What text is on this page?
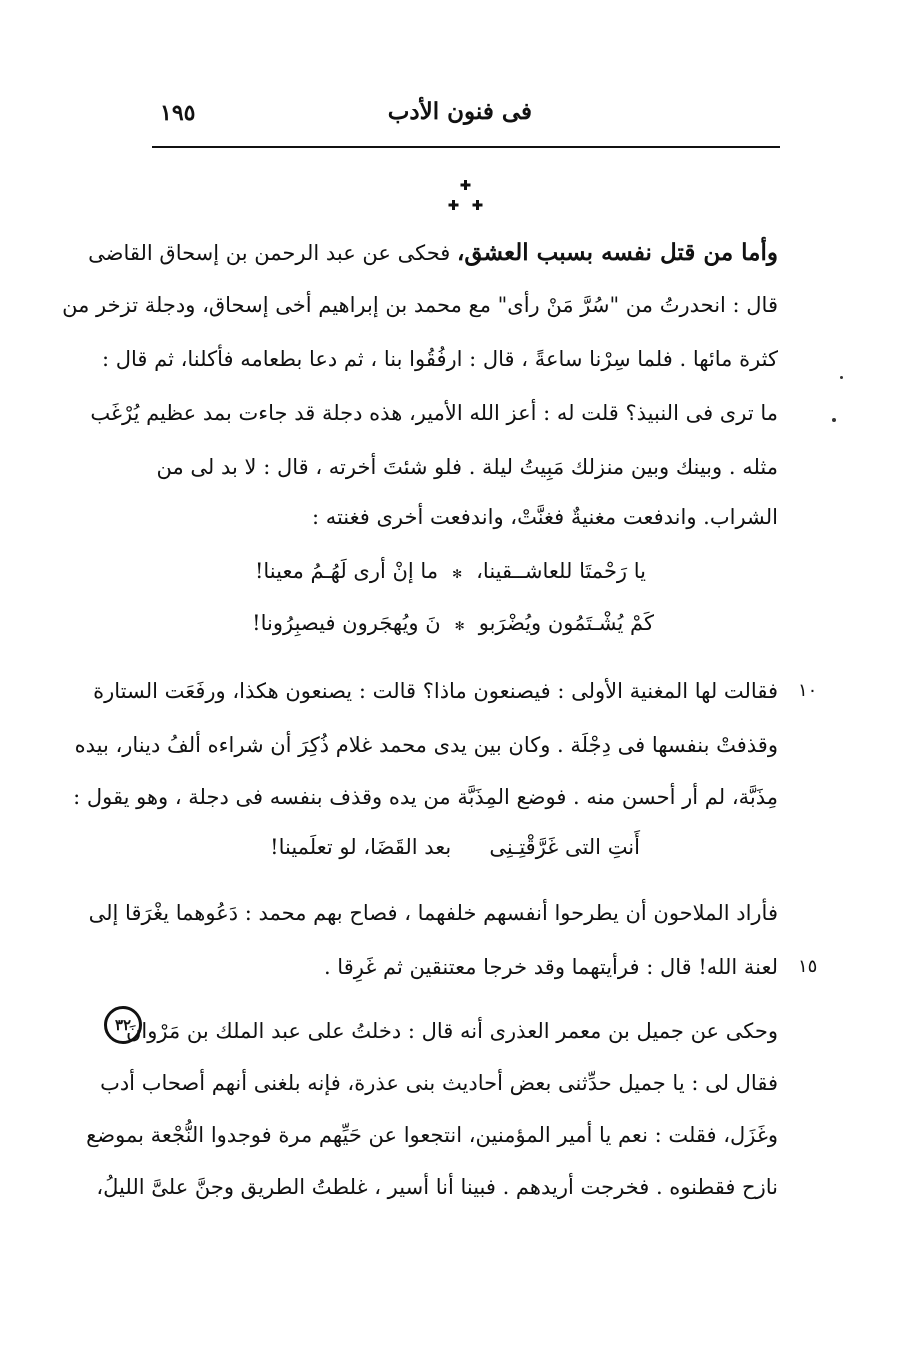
فى فنون الأدب
١٩٥
وأما من قتل نفسه بسبب العشق، فحكى عن عبد الرحمن بن إسحاق القاضى
قال : انحدرتُ من "سُرَّ مَنْ رأى" مع محمد بن إبراهيم أخى إسحاق، ودجلة تزخر من
كثرة مائها . فلما سِرْنا ساعةً ، قال : ارفُقُوا بنا ، ثم دعا بطعامه فأكلنا، ثم قال :
ما ترى فى النبيذ؟ قلت له : أعز الله الأمير، هذه دجلة قد جاءت بمد عظيم يُرْغَب
مثله . وبينك وبين منزلك مَبِيتُ ليلة . فلو شئتَ أخرته ، قال : لا بد لى من
الشراب. واندفعت مغنيةٌ فغنَّتْ، واندفعت أخرى فغنته :
يا رَحْمتَا للعاشــقينا،✻ما إنْ أرى لَهُـمُ معينا!
كَمْ يُشْـتَمُون ويُضْرَبو✻نَ ويُهجَرون فيصبِرُونا!
فقالت لها المغنية الأولى : فيصنعون ماذا؟ قالت : يصنعون هكذا، ورفَعَت الستارة ١٠
وقذفتْ بنفسها فى دِجْلَة . وكان بين يدى محمد غلام ذُكِرَ أن شراءه ألفُ دينار، بيده
مِذَبَّة، لم أر أحسن منه . فوضع المِذَبَّة من يده وقذف بنفسه فى دجلة ، وهو يقول :
أَنتِ التى غَرَّقْتِـنِىبعد القَضَا، لو تعلَمينا!
فأراد الملاحون أن يطرحوا أنفسهم خلفهما ، فصاح بهم محمد : دَعُوهما يغْرَقا إلى
لعنة الله! قال : فرأيتهما وقد خرجا معتنقين ثم غَرِقا . ١٥
٣٢
وحكى عن جميل بن معمر العذرى أنه قال : دخلتُ على عبد الملك بن مَرْوانَ
فقال لى : يا جميل حدِّثنى بعض أحاديث بنى عذرة، فإنه بلغنى أنهم أصحاب أدب
وغَزَل، فقلت : نعم يا أمير المؤمنين، انتجعوا عن حَيِّهم مرة فوجدوا النُّجْعة بموضع
نازح فقطنوه . فخرجت أريدهم . فبينا أنا أسير ، غلطتُ الطريق وجنَّ علىَّ الليلُ،
